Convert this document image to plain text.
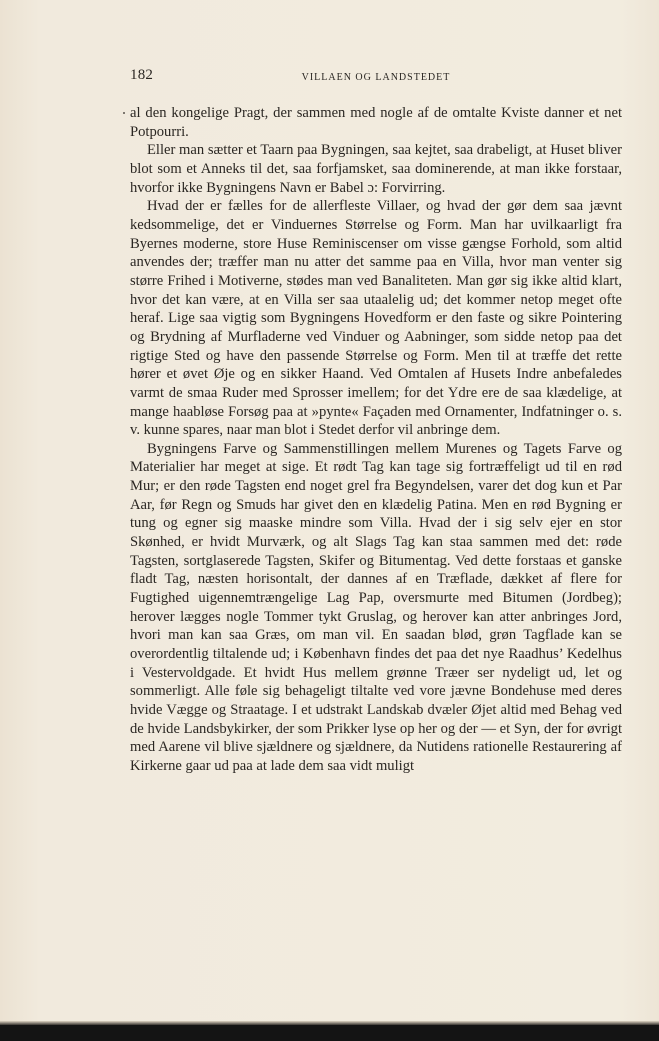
182	VILLAEN OG LANDSTEDET

al den kongelige Pragt, der sammen med nogle af de omtalte Kviste danner et net Potpourri.

Eller man sætter et Taarn paa Bygningen, saa kejtet, saa drabeligt, at Huset bliver blot som et Anneks til det, saa forfjamsket, saa dominerende, at man ikke forstaar, hvorfor ikke Bygningens Navn er Babel ɔ: Forvirring.

Hvad der er fælles for de allerfleste Villaer, og hvad der gør dem saa jævnt kedsommelige, det er Vinduernes Størrelse og Form. Man har uvilkaarligt fra Byernes moderne, store Huse Reminiscenser om visse gængse Forhold, som altid anvendes der; træffer man nu atter det samme paa en Villa, hvor man venter sig større Frihed i Motiverne, stødes man ved Banaliteten. Man gør sig ikke altid klart, hvor det kan være, at en Villa ser saa utaalelig ud; det kommer netop meget ofte heraf. Lige saa vigtig som Bygningens Hovedform er den faste og sikre Pointering og Brydning af Murfladerne ved Vinduer og Aabninger, som sidde netop paa det rigtige Sted og have den passende Størrelse og Form. Men til at træffe det rette hører et øvet Øje og en sikker Haand. Ved Omtalen af Husets Indre anbefaledes varmt de smaa Ruder med Sprosser imellem; for det Ydre ere de saa klædelige, at mange haabløse Forsøg paa at »pynte« Façaden med Ornamenter, Indfatninger o. s. v. kunne spares, naar man blot i Stedet derfor vil anbringe dem.

Bygningens Farve og Sammenstillingen mellem Murenes og Tagets Farve og Materialier har meget at sige. Et rødt Tag kan tage sig fortræffeligt ud til en rød Mur; er den røde Tagsten end noget grel fra Begyndelsen, varer det dog kun et Par Aar, før Regn og Smuds har givet den en klædelig Patina. Men en rød Bygning er tung og egner sig maaske mindre som Villa. Hvad der i sig selv ejer en stor Skønhed, er hvidt Murværk, og alt Slags Tag kan staa sammen med det: røde Tagsten, sortglaserede Tagsten, Skifer og Bitumentag. Ved dette forstaas et ganske fladt Tag, næsten horisontalt, der dannes af en Træflade, dækket af flere for Fugtighed uigennemtrængelige Lag Pap, oversmurte med Bitumen (Jordbeg); herover lægges nogle Tommer tykt Gruslag, og herover kan atter anbringes Jord, hvori man kan saa Græs, om man vil. En saadan blød, grøn Tagflade kan se overordentlig tiltalende ud; i København findes det paa det nye Raadhus’ Kedelhus i Vestervoldgade. Et hvidt Hus mellem grønne Træer ser nydeligt ud, let og sommerligt. Alle føle sig behageligt tiltalte ved vore jævne Bondehuse med deres hvide Vægge og Straatage. I et udstrakt Landskab dvæler Øjet altid med Behag ved de hvide Landsbykirker, der som Prikker lyse op her og der — et Syn, der for øvrigt med Aarene vil blive sjældnere og sjældnere, da Nutidens rationelle Restaurering af Kirkerne gaar ud paa at lade dem saa vidt muligt
